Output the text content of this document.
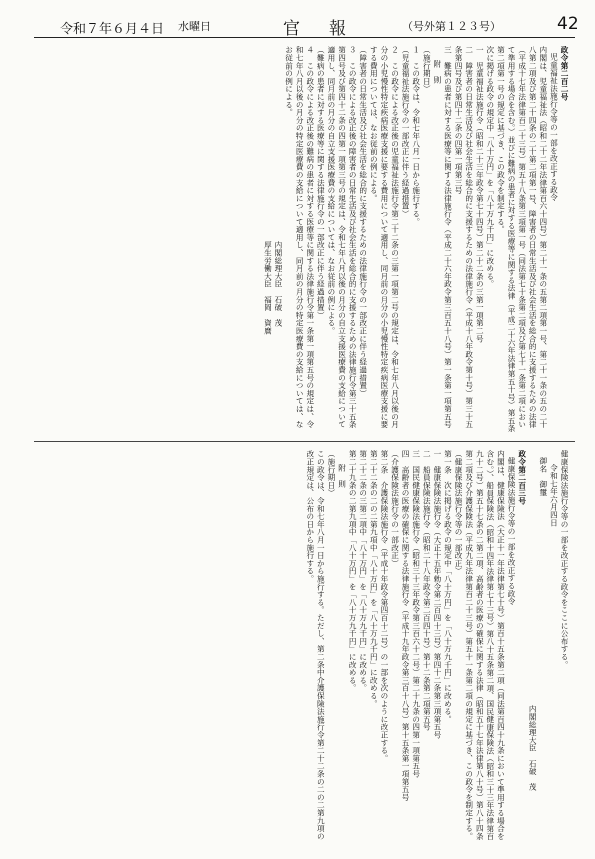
令和７年６月４日 水曜日	官　報	（号外第１２３号）	42

政令第二百二号

児童福祉法施行令等の一部を改正する政令

内閣は、児童福祉法（昭和二十二年法律第百六十四号）第二十一条の五第二項第一号、第二十一条の五の二十八第二項及び第二十四条の二十第二項第一号、障害者の日常生活及び社会生活を総合的に支援するための法律（平成十七年法律第百二十三号）第五十八条第三項第一号（同法第七十条第二項及び第七十一条第二項において準用する場合を含む。）並びに難病の患者に対する医療等に関する法律（平成二十六年法律第五十号）第五条第二項第一号の規定に基づき、この政令を制定する。

次に掲げる政令の規定中「八十万円」を「八十万九千円」に改める。

一　児童福祉法施行令（昭和二十三年政令第七十四号）第二十二条の三第一項第二号

二　障害者の日常生活及び社会生活を総合的に支援するための法律施行令（平成十八年政令第十号）第三十五条第四号及び第四十二条の四第一項第三号

三　難病の患者に対する医療等に関する法律施行令（平成二十六年政令第三百五十八号）第一条第一項第五号

附　則

（施行期日）

１　この政令は、令和七年八月一日から施行する。

（児童福祉法施行令の一部改正に伴う経過措置）

２　この政令による改正後の児童福祉法施行令第二十二条の三第一項第二号の規定は、令和七年八月以後の月分の小児慢性特定疾病医療支援に要する費用について適用し、同月前の月分の小児慢性特定疾病医療支援に要する費用については、なお従前の例による。

（障害者の日常生活及び社会生活を総合的に支援するための法律施行令の一部改正に伴う経過措置）

３　この政令による改正後の障害者の日常生活及び社会生活を総合的に支援するための法律施行令第三十五条第四号及び第四十二条の四第一項第三号の規定は、令和七年八月以後の月分の自立支援医療費の支給について適用し、同月前の月分の自立支援医療費の支給については、なお従前の例による。

（難病の患者に対する医療等に関する法律施行令の一部改正に伴う経過措置）

４　この政令による改正後の難病の患者に対する医療等に関する法律施行令第一条第一項第五号の規定は、令和七年八月以後の月分の特定医療費の支給について適用し、同月前の月分の特定医療費の支給については、なお従前の例による。

内閣総理大臣　石破　茂

厚生労働大臣　福岡　資麿

健康保険法施行令等の一部を改正する政令をここに公布する。

令和七年六月四日

御名　御璽

内閣総理大臣　石破　茂

政令第二百三号

健康保険法施行令等の一部を改正する政令

内閣は、健康保険法（大正十一年法律第七十号）第百十五条第二項（同法第百四十九条において準用する場合を含む。）、船員保険法（昭和十四年法律第七十三号）第八十五条第二項、国民健康保険法（昭和三十三年法律第百九十二号）第五十七条の二第二項、高齢者の医療の確保に関する法律（昭和五十七年法律第八十号）第八十四条第二項及び介護保険法（平成九年法律第百二十三号）第五十一条第二項の規定に基づき、この政令を制定する。

（健康保険法施行令等の一部改正）

第一条　次に掲げる政令の規定中「八十万円」を「八十万九千円」に改める。

一　健康保険法施行令（大正十五年勅令第二百四十三号）第四十二条第三項第五号

二　船員保険法施行令（昭和二十八年政令第二百四十号）第十二条第二項第五号

三　国民健康保険法施行令（昭和三十三年政令第三百六十二号）第二十九条の四第一項第五号

四　高齢者の医療の確保に関する法律施行令（平成十九年政令第三百十八号）第十五条第一項第五号

（介護保険法施行令の一部改正）

第二条　介護保険法施行令（平成十年政令第四百十二号）の一部を次のように改正する。

第二十二条の二の二第九項中「八十万円」を「八十万九千円」に改める。

第二十二条の三第二項中「八十万円」を「八十万九千円」に改める。

第二十九条の二第九項中「八十万円」を「八十万九千円」に改める。

附　則

（施行期日）

この政令は、令和七年八月一日から施行する。ただし、第二条中介護保険法施行令第二十二条の二の二第九項の改正規定は、公布の日から施行する。
